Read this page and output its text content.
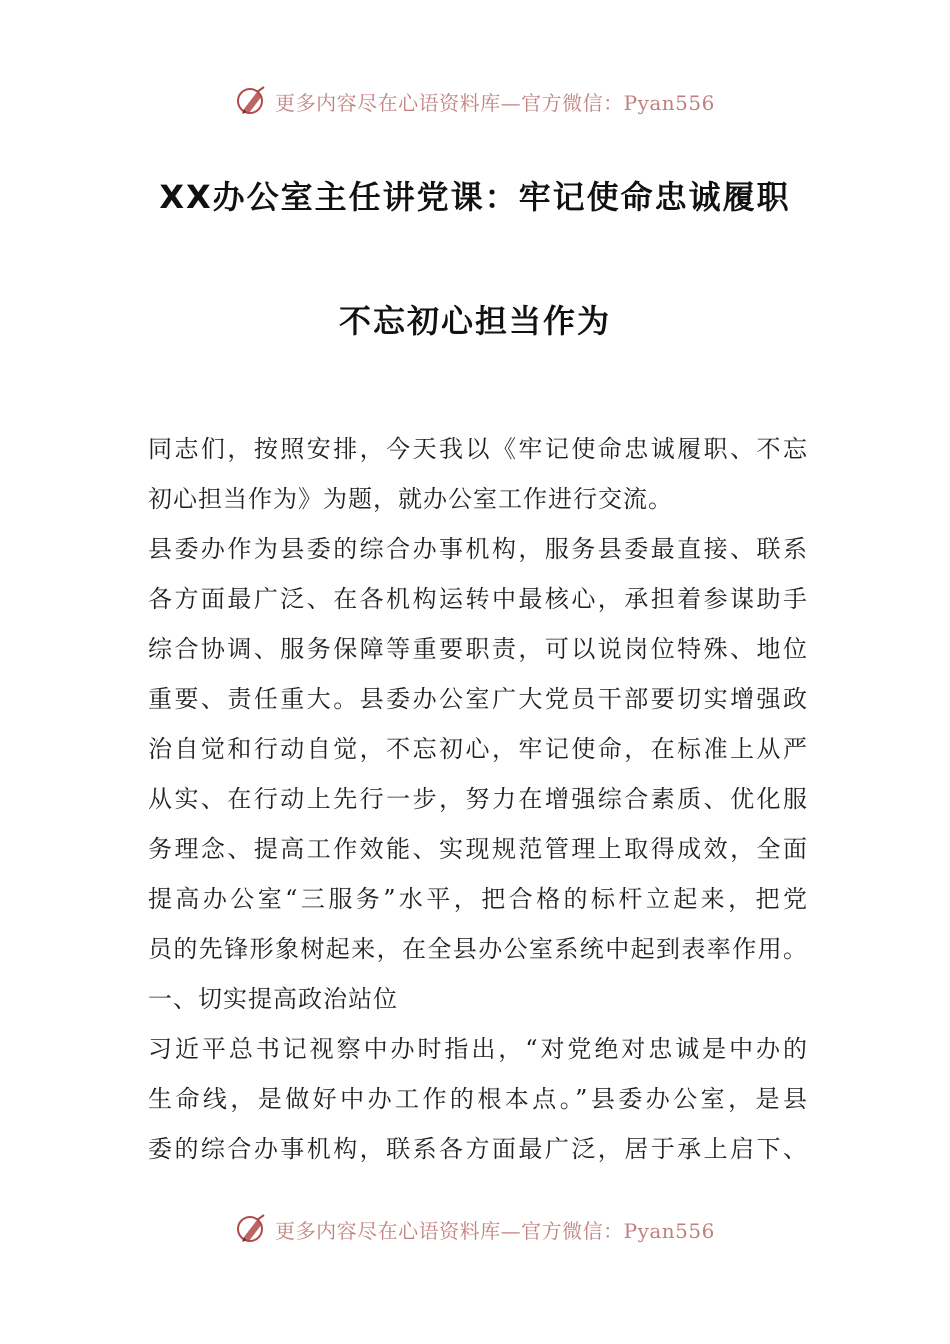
更多内容尽在心语资料库—官方微信：Pyan556
XX办公室主任讲党课：牢记使命忠诚履职
不忘初心担当作为
同志们，按照安排，今天我以《牢记使命忠诚履职、不忘
初心担当作为》为题，就办公室工作进行交流。
县委办作为县委的综合办事机构，服务县委最直接、联系
各方面最广泛、在各机构运转中最核心，承担着参谋助手
综合协调、服务保障等重要职责，可以说岗位特殊、地位
重要、责任重大。县委办公室广大党员干部要切实增强政
治自觉和行动自觉，不忘初心，牢记使命，在标准上从严
从实、在行动上先行一步，努力在增强综合素质、优化服
务理念、提高工作效能、实现规范管理上取得成效，全面
提高办公室“三服务”水平，把合格的标杆立起来，把党
员的先锋形象树起来，在全县办公室系统中起到表率作用。
一、切实提高政治站位
习近平总书记视察中办时指出，“对党绝对忠诚是中办的
生命线，是做好中办工作的根本点。”县委办公室，是县
委的综合办事机构，联系各方面最广泛，居于承上启下、
更多内容尽在心语资料库—官方微信：Pyan556
